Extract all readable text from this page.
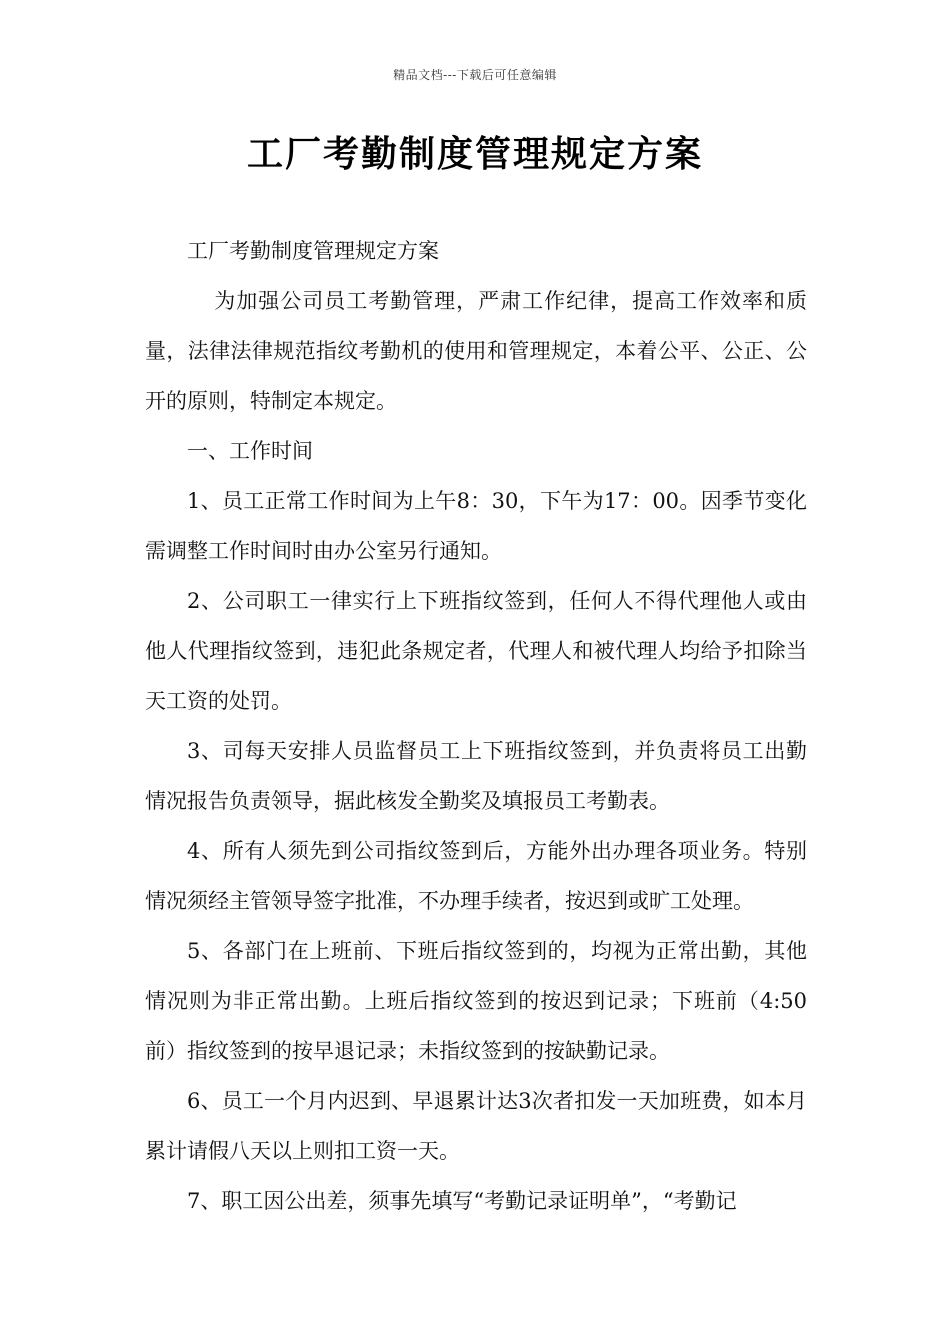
精品文档---下载后可任意编辑
工厂考勤制度管理规定方案

工厂考勤制度管理规定方案

为加强公司员工考勤管理，严肃工作纪律，提高工作效率和质量，法律法律规范指纹考勤机的使用和管理规定，本着公平、公正、公开的原则，特制定本规定。

一、工作时间

1、员工正常工作时间为上午8：30，下午为17：00。因季节变化需调整工作时间时由办公室另行通知。

2、公司职工一律实行上下班指纹签到，任何人不得代理他人或由他人代理指纹签到，违犯此条规定者，代理人和被代理人均给予扣除当天工资的处罚。

3、司每天安排人员监督员工上下班指纹签到，并负责将员工出勤情况报告负责领导，据此核发全勤奖及填报员工考勤表。

4、所有人须先到公司指纹签到后，方能外出办理各项业务。特别情况须经主管领导签字批准，不办理手续者，按迟到或旷工处理。

5、各部门在上班前、下班后指纹签到的，均视为正常出勤，其他情况则为非正常出勤。上班后指纹签到的按迟到记录；下班前（4:50前）指纹签到的按早退记录；未指纹签到的按缺勤记录。

6、员工一个月内迟到、早退累计达3次者扣发一天加班费，如本月累计请假八天以上则扣工资一天。

7、职工因公出差，须事先填写“考勤记录证明单”，“考勤记
